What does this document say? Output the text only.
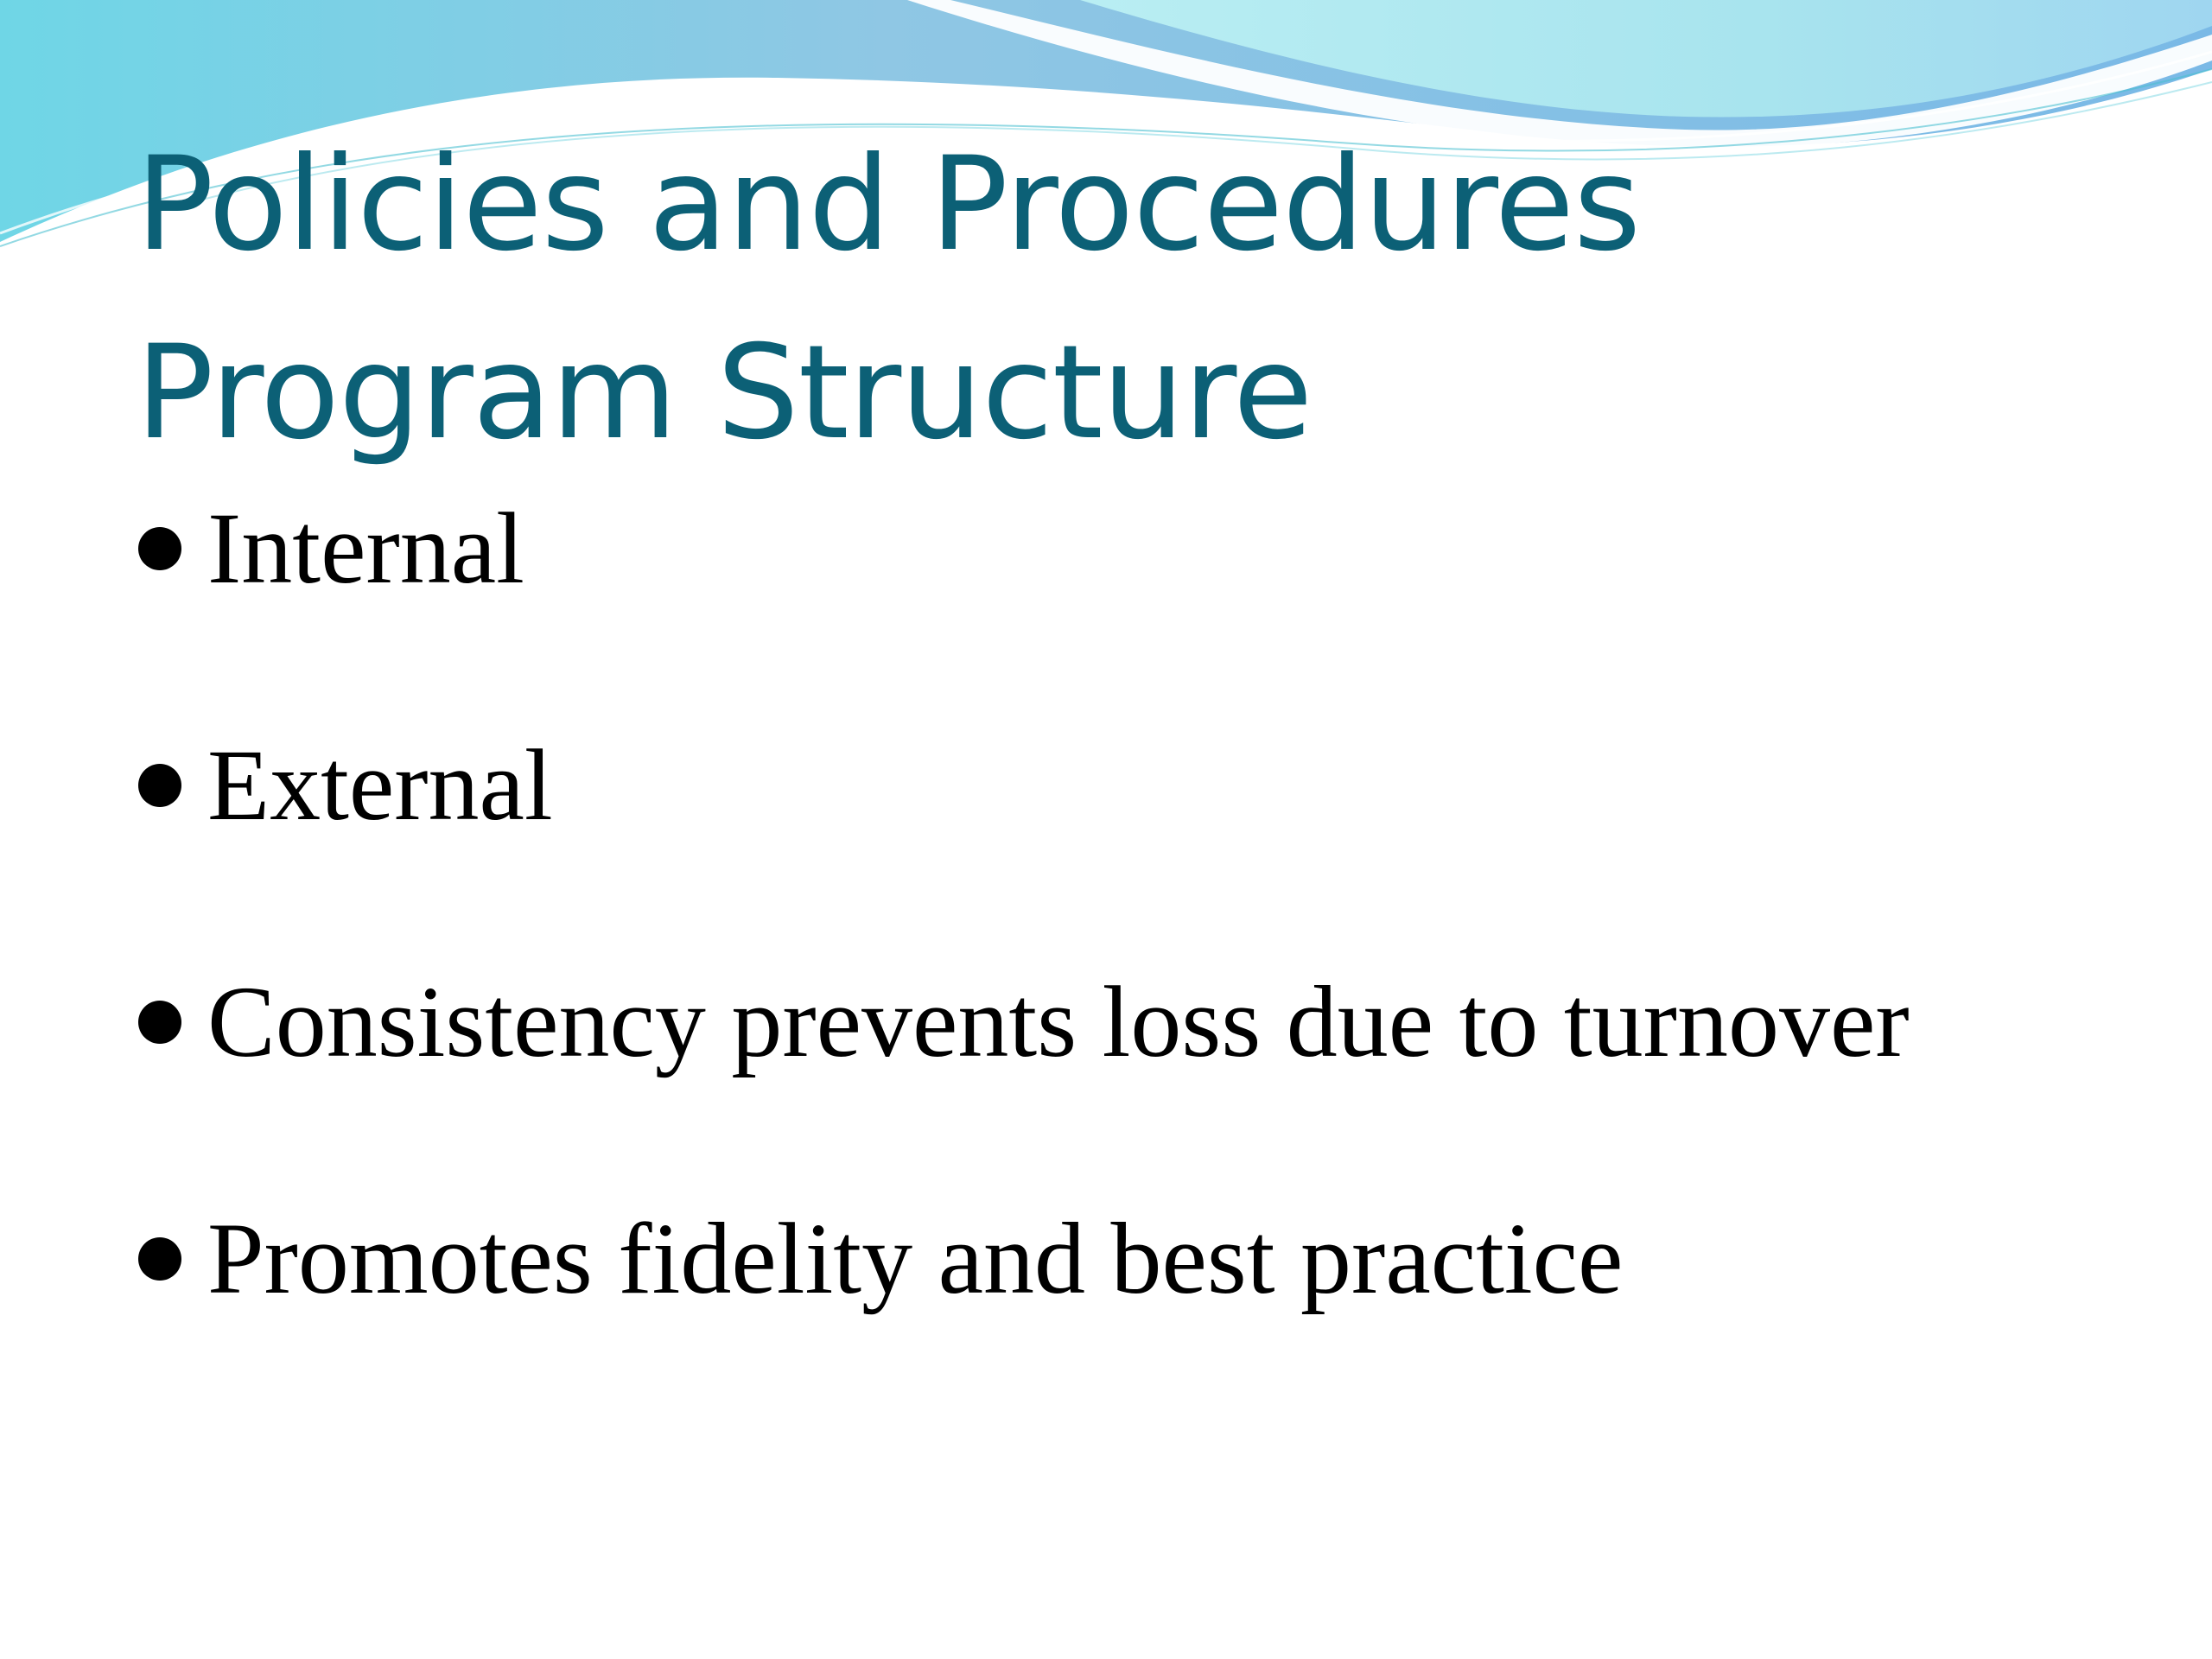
Policies and Procedures
Program Structure
Internal
External
Consistency prevents loss due to turnover
Promotes fidelity and best practice
